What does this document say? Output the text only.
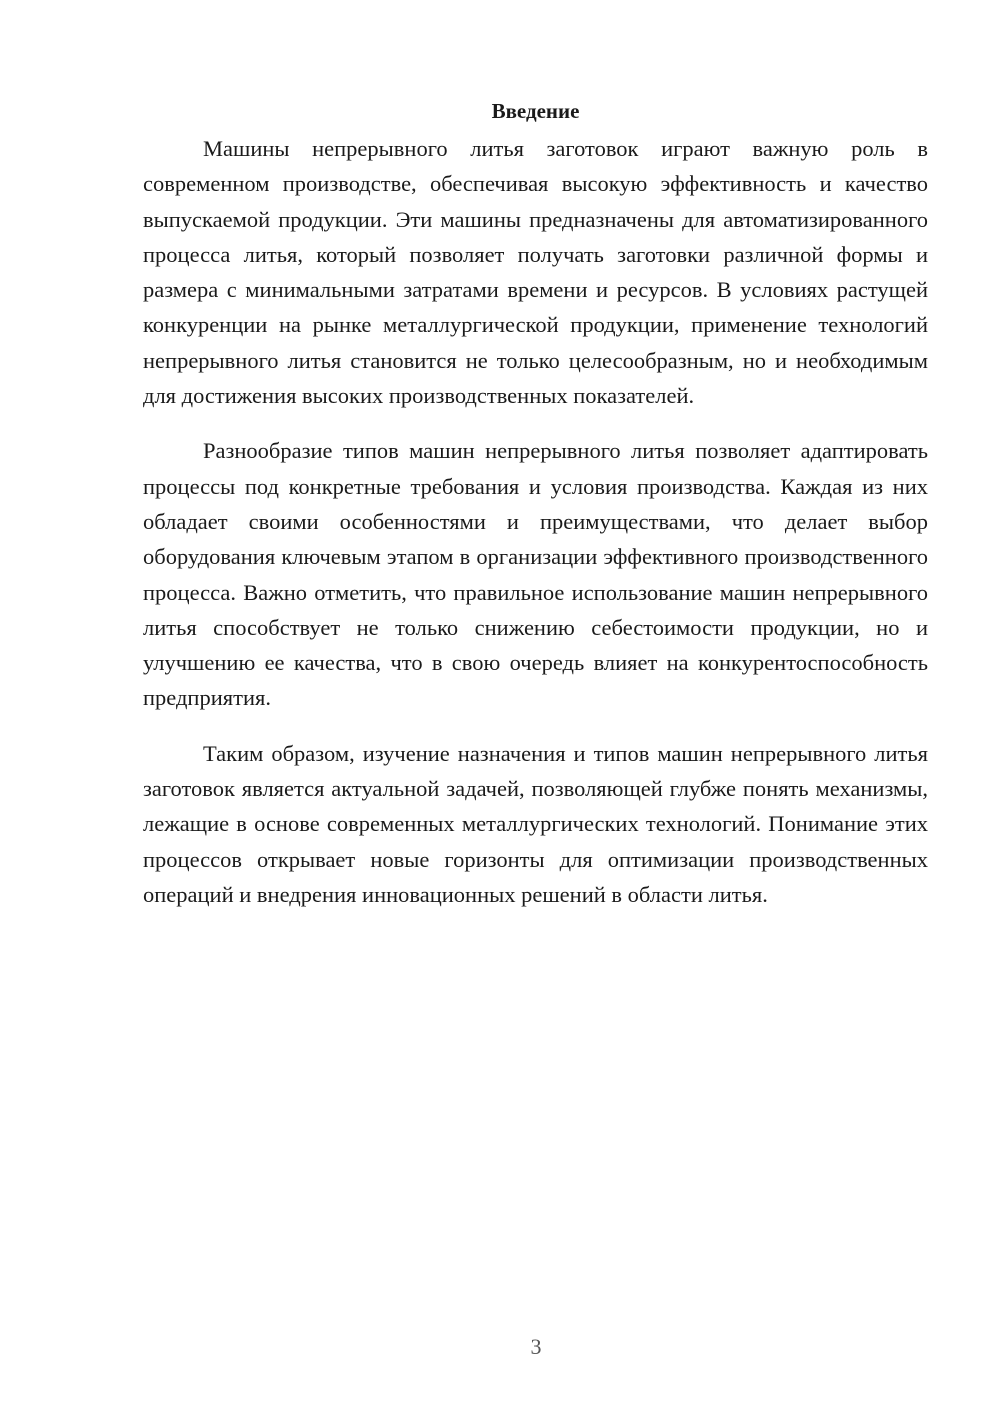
Введение

Машины непрерывного литья заготовок играют важную роль в современном производстве, обеспечивая высокую эффективность и качество выпускаемой продукции. Эти машины предназначены для автоматизированного процесса литья, который позволяет получать заготовки различной формы и размера с минимальными затратами времени и ресурсов. В условиях растущей конкуренции на рынке металлургической продукции, применение технологий непрерывного литья становится не только целесообразным, но и необходимым для достижения высоких производственных показателей.

Разнообразие типов машин непрерывного литья позволяет адаптировать процессы под конкретные требования и условия производства. Каждая из них обладает своими особенностями и преимуществами, что делает выбор оборудования ключевым этапом в организации эффективного производственного процесса. Важно отметить, что правильное использование машин непрерывного литья способствует не только снижению себестоимости продукции, но и улучшению ее качества, что в свою очередь влияет на конкурентоспособность предприятия.

Таким образом, изучение назначения и типов машин непрерывного литья заготовок является актуальной задачей, позволяющей глубже понять механизмы, лежащие в основе современных металлургических технологий. Понимание этих процессов открывает новые горизонты для оптимизации производственных операций и внедрения инновационных решений в области литья.

3
